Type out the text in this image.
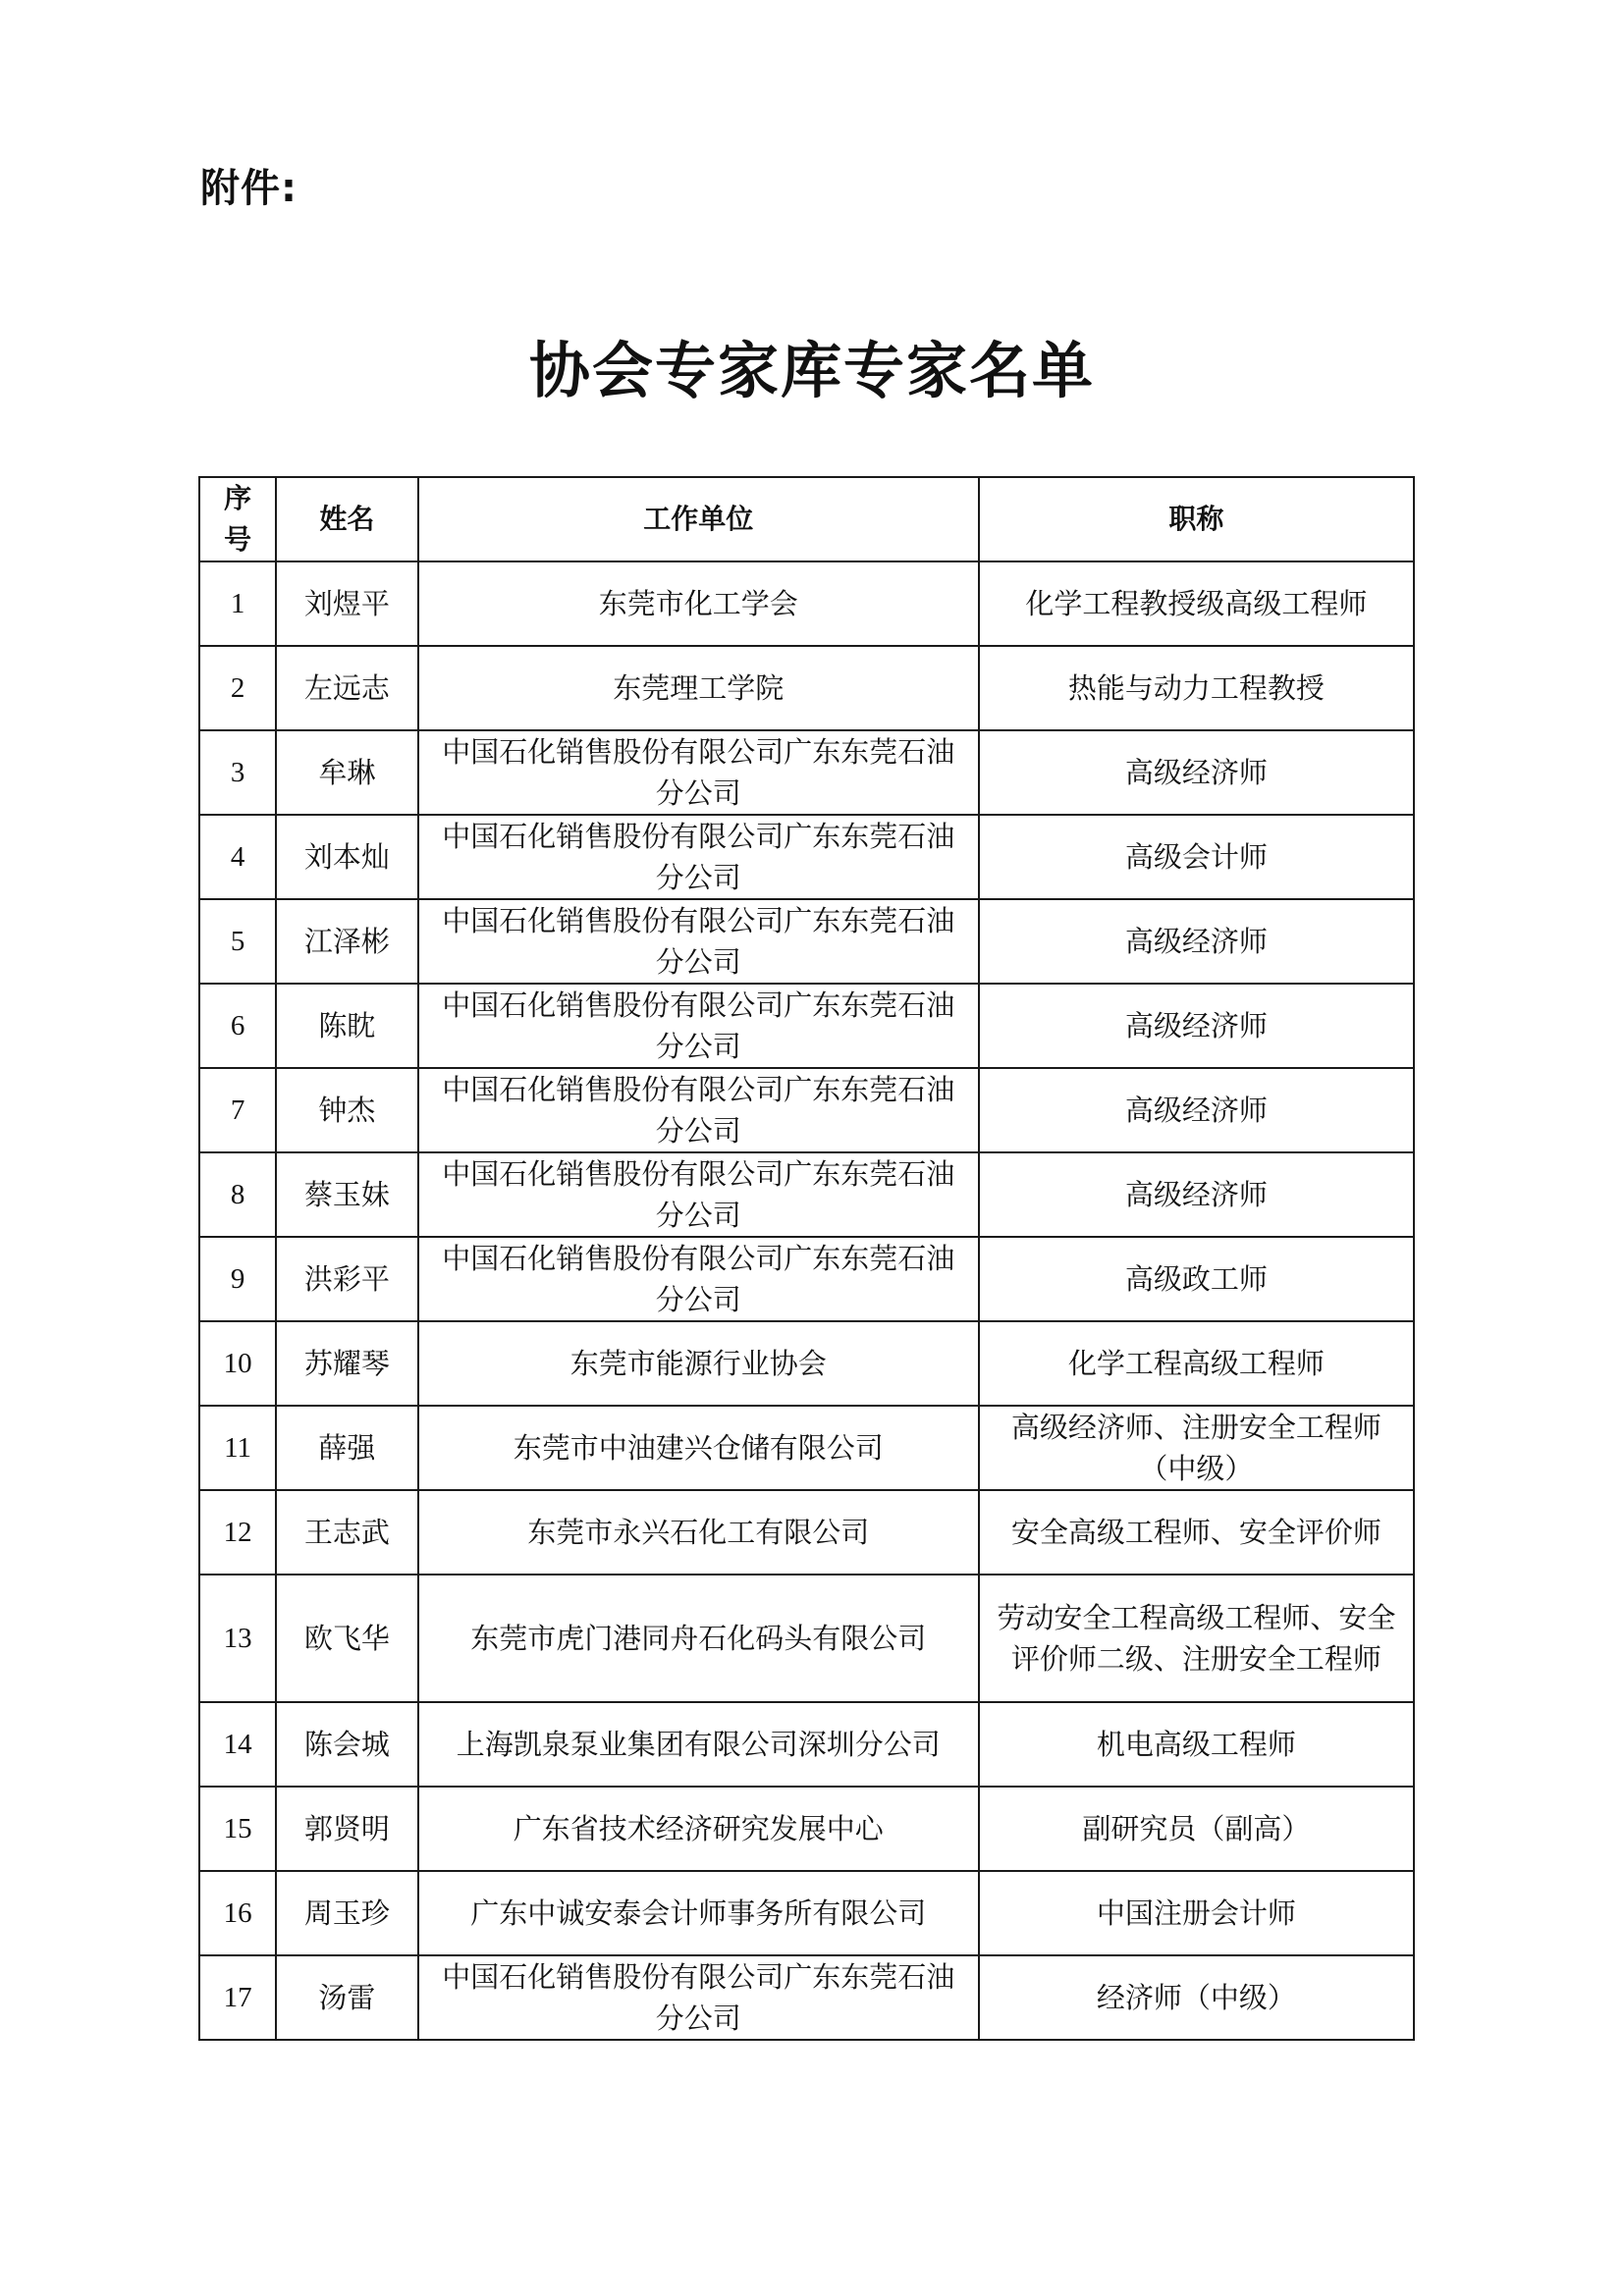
附件:
协会专家库专家名单
序号	姓名	工作单位	职称
1	刘煜平	东莞市化工学会	化学工程教授级高级工程师
2	左远志	东莞理工学院	热能与动力工程教授
3	牟琳	中国石化销售股份有限公司广东东莞石油分公司	高级经济师
4	刘本灿	中国石化销售股份有限公司广东东莞石油分公司	高级会计师
5	江泽彬	中国石化销售股份有限公司广东东莞石油分公司	高级经济师
6	陈眈	中国石化销售股份有限公司广东东莞石油分公司	高级经济师
7	钟杰	中国石化销售股份有限公司广东东莞石油分公司	高级经济师
8	蔡玉妹	中国石化销售股份有限公司广东东莞石油分公司	高级经济师
9	洪彩平	中国石化销售股份有限公司广东东莞石油分公司	高级政工师
10	苏耀琴	东莞市能源行业协会	化学工程高级工程师
11	薛强	东莞市中油建兴仓储有限公司	高级经济师、注册安全工程师（中级）
12	王志武	东莞市永兴石化工有限公司	安全高级工程师、安全评价师
13	欧飞华	东莞市虎门港同舟石化码头有限公司	劳动安全工程高级工程师、安全评价师二级、注册安全工程师
14	陈会城	上海凯泉泵业集团有限公司深圳分公司	机电高级工程师
15	郭贤明	广东省技术经济研究发展中心	副研究员（副高）
16	周玉珍	广东中诚安泰会计师事务所有限公司	中国注册会计师
17	汤雷	中国石化销售股份有限公司广东东莞石油分公司	经济师（中级）
